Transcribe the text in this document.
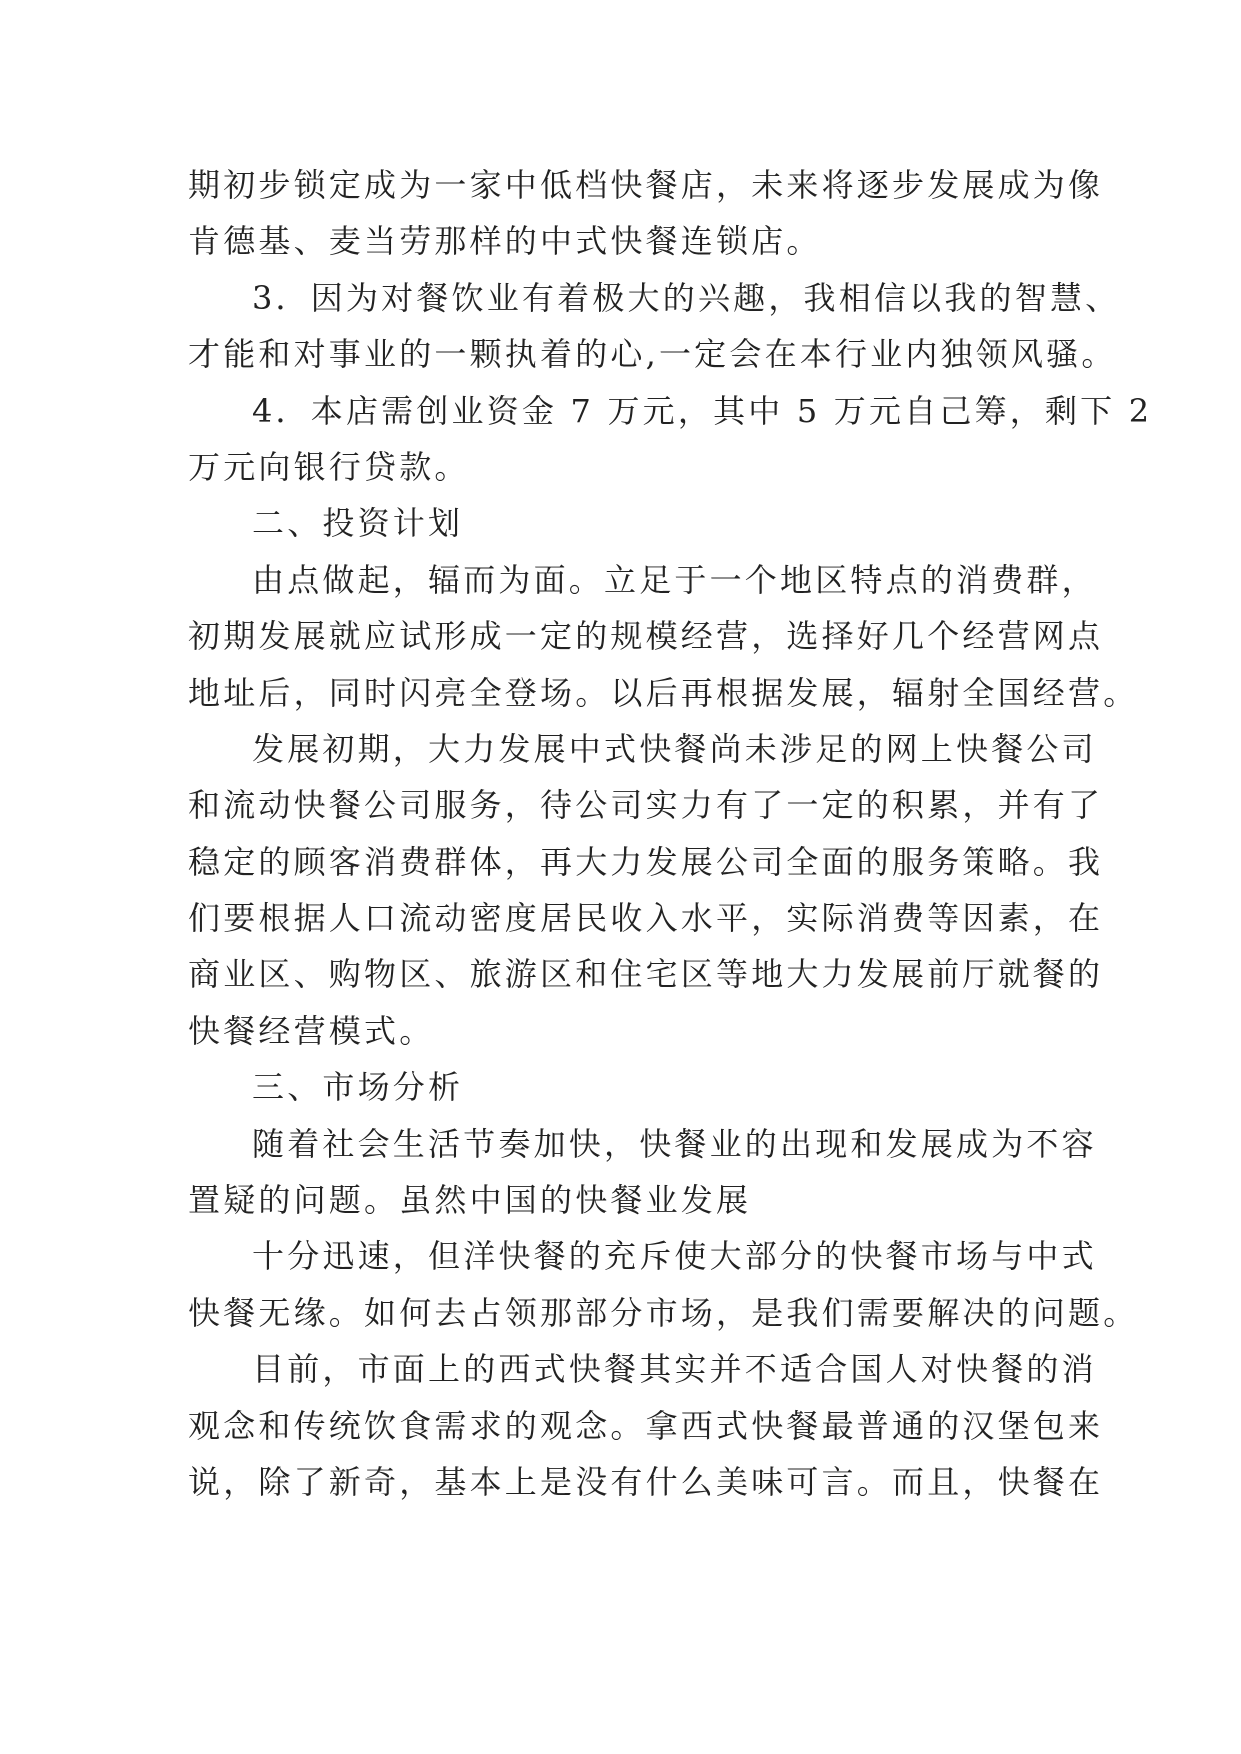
期初步锁定成为一家中低档快餐店，未来将逐步发展成为像
肯德基、麦当劳那样的中式快餐连锁店。
3．因为对餐饮业有着极大的兴趣，我相信以我的智慧、
才能和对事业的一颗执着的心,一定会在本行业内独领风骚。
4．本店需创业资金 7 万元，其中 5 万元自己筹，剩下 2
万元向银行贷款。
二、投资计划
由点做起，辐而为面。立足于一个地区特点的消费群，
初期发展就应试形成一定的规模经营，选择好几个经营网点
地址后，同时闪亮全登场。以后再根据发展，辐射全国经营。
发展初期，大力发展中式快餐尚未涉足的网上快餐公司
和流动快餐公司服务，待公司实力有了一定的积累，并有了
稳定的顾客消费群体，再大力发展公司全面的服务策略。我
们要根据人口流动密度居民收入水平，实际消费等因素，在
商业区、购物区、旅游区和住宅区等地大力发展前厅就餐的
快餐经营模式。
三、市场分析
随着社会生活节奏加快，快餐业的出现和发展成为不容
置疑的问题。虽然中国的快餐业发展
十分迅速，但洋快餐的充斥使大部分的快餐市场与中式
快餐无缘。如何去占领那部分市场，是我们需要解决的问题。
目前，市面上的西式快餐其实并不适合国人对快餐的消
观念和传统饮食需求的观念。拿西式快餐最普通的汉堡包来
说，除了新奇，基本上是没有什么美味可言。而且，快餐在
